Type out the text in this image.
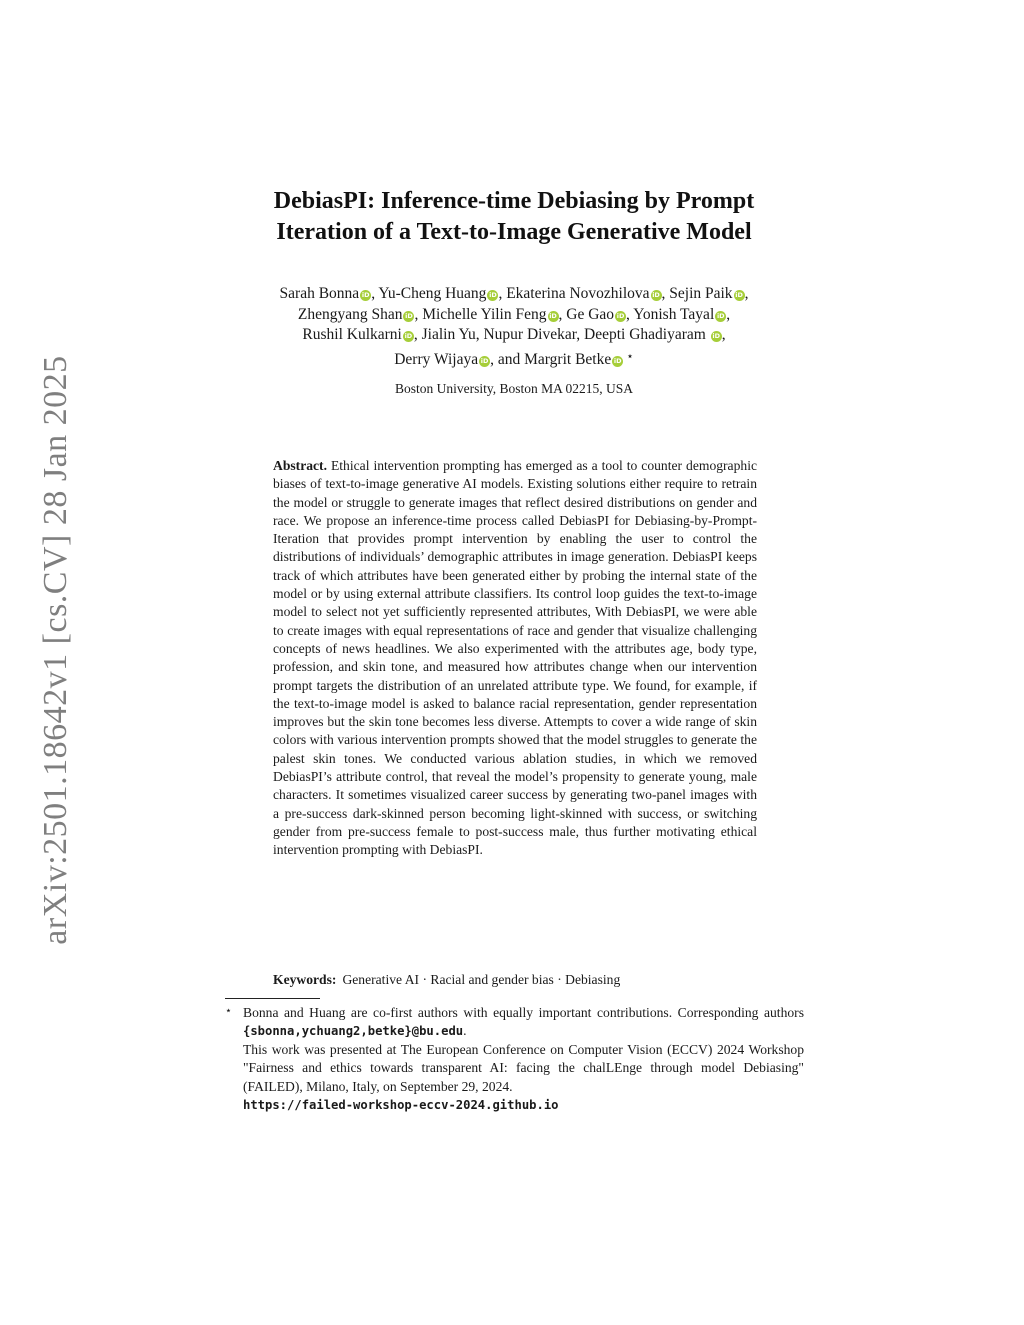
arXiv:2501.18642v1 [cs.CV] 28 Jan 2025
DebiasPI: Inference-time Debiasing by Prompt
Iteration of a Text-to-Image Generative Model
Sarah Bonna iD , Yu-Cheng Huang iD , Ekaterina Novozhilova iD , Sejin Paik iD ,
Zhengyang Shan iD , Michelle Yilin Feng iD , Ge Gao iD , Yonish Tayal iD ,
Rushil Kulkarni iD , Jialin Yu, Nupur Divekar, Deepti Ghadiyaram iD ,
Derry Wijaya iD , and Margrit Betke iD ⋆
Boston University, Boston MA 02215, USA
Abstract. Ethical intervention prompting has emerged as a tool to counter demographic biases of text-to-image generative AI models. Existing solutions either require to retrain the model or struggle to generate images that reflect desired distributions on gender and race. We propose an inference-time process called DebiasPI for Debiasing-by-Prompt-Iteration that provides prompt intervention by enabling the user to control the distributions of individuals’ demographic attributes in image generation. DebiasPI keeps track of which attributes have been generated either by probing the internal state of the model or by using external attribute classifiers. Its control loop guides the text-to-image model to select not yet sufficiently represented attributes, With DebiasPI, we were able to create images with equal representations of race and gender that visualize challenging concepts of news headlines. We also experimented with the attributes age, body type, profession, and skin tone, and measured how attributes change when our intervention prompt targets the distribution of an unrelated attribute type. We found, for example, if the text-to-image model is asked to balance racial representation, gender representation improves but the skin tone becomes less diverse. Attempts to cover a wide range of skin colors with various intervention prompts showed that the model struggles to generate the palest skin tones. We conducted various ablation studies, in which we removed DebiasPI’s attribute control, that reveal the model’s propensity to generate young, male characters. It sometimes visualized career success by generating two-panel images with a pre-success dark-skinned person becoming light-skinned with success, or switching gender from pre-success female to post-success male, thus further motivating ethical intervention prompting with DebiasPI.
Keywords: Generative AI · Racial and gender bias · Debiasing
⋆ Bonna and Huang are co-first authors with equally important contributions. Corresponding authors {sbonna,ychuang2,betke}@bu.edu.
This work was presented at The European Conference on Computer Vision (ECCV) 2024 Workshop "Fairness and ethics towards transparent AI: facing the chalLEnge through model Debiasing" (FAILED), Milano, Italy, on September 29, 2024.
https://failed-workshop-eccv-2024.github.io
